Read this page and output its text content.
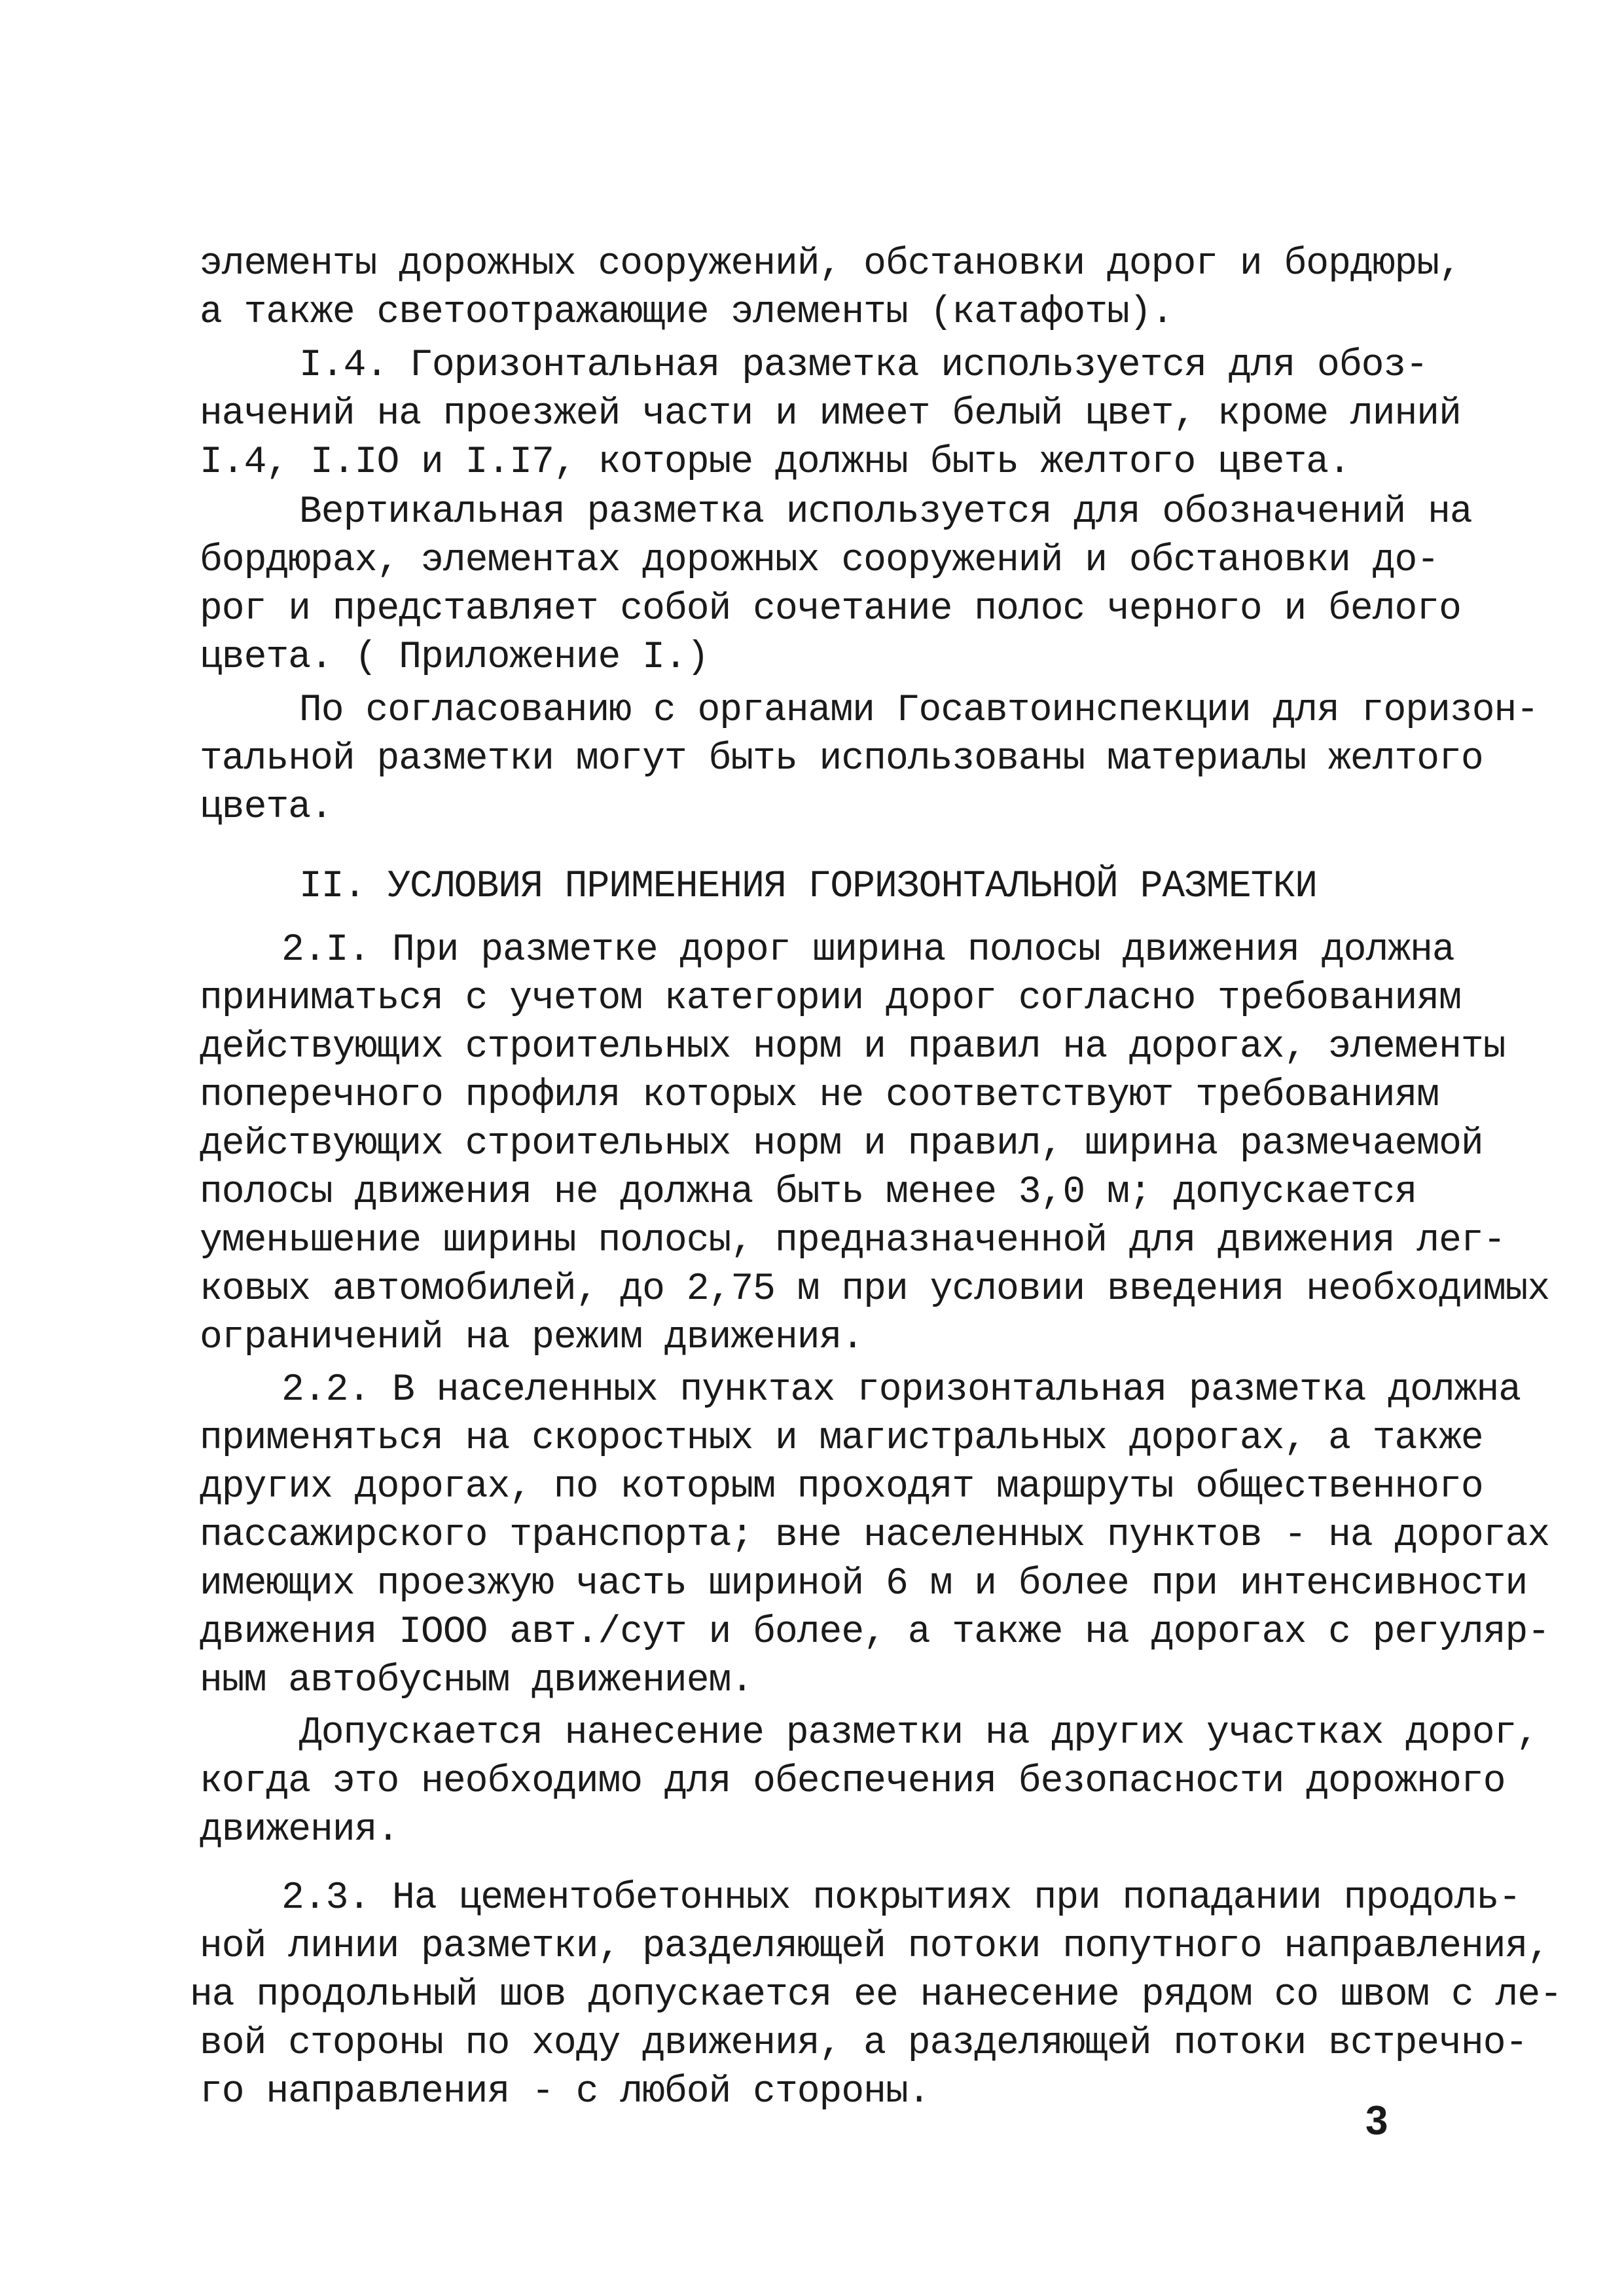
элементы дорожных сооружений, обстановки дорог и бордюры,
а также светоотражающие элементы (катафоты).
I.4. Горизонтальная разметка используется для обоз-
начений на проезжей части и имеет белый цвет, кроме линий
I.4, I.IO и I.I7, которые должны быть желтого цвета.
Вертикальная разметка используется для обозначений на
бордюрах, элементах дорожных сооружений и обстановки до-
рог и представляет собой сочетание полос черного и белого
цвета. ( Приложение I.)
По согласованию с органами Госавтоинспекции для горизон-
тальной разметки могут быть использованы материалы желтого
цвета.
II. УСЛОВИЯ ПРИМЕНЕНИЯ ГОРИЗОНТАЛЬНОЙ РАЗМЕТКИ
2.I. При разметке дорог ширина полосы движения должна
приниматься с учетом категории дорог согласно требованиям
действующих строительных норм и правил на дорогах, элементы
поперечного профиля которых не соответствуют требованиям
действующих строительных норм и правил, ширина размечаемой
полосы движения не должна быть менее 3,0 м; допускается
уменьшение ширины полосы, предназначенной для движения лег-
ковых автомобилей, до 2,75 м при условии введения необходимых
ограничений на режим движения.
2.2. В населенных пунктах горизонтальная разметка должна
применяться на скоростных и магистральных дорогах, а также
других дорогах, по которым проходят маршруты общественного
пассажирского транспорта; вне населенных пунктов - на дорогах
имеющих проезжую часть шириной 6 м и более при интенсивности
движения IOOO авт./сут и более, а также на дорогах с регуляр-
ным автобусным движением.
Допускается нанесение разметки на других участках дорог,
когда это необходимо для обеспечения безопасности дорожного
движения.
2.3. На цементобетонных покрытиях при попадании продоль-
ной линии разметки, разделяющей потоки попутного направления,
на продольный шов допускается ее нанесение рядом со швом с ле-
вой стороны по ходу движения, а разделяющей потоки встречно-
го направления - с любой стороны.
3
